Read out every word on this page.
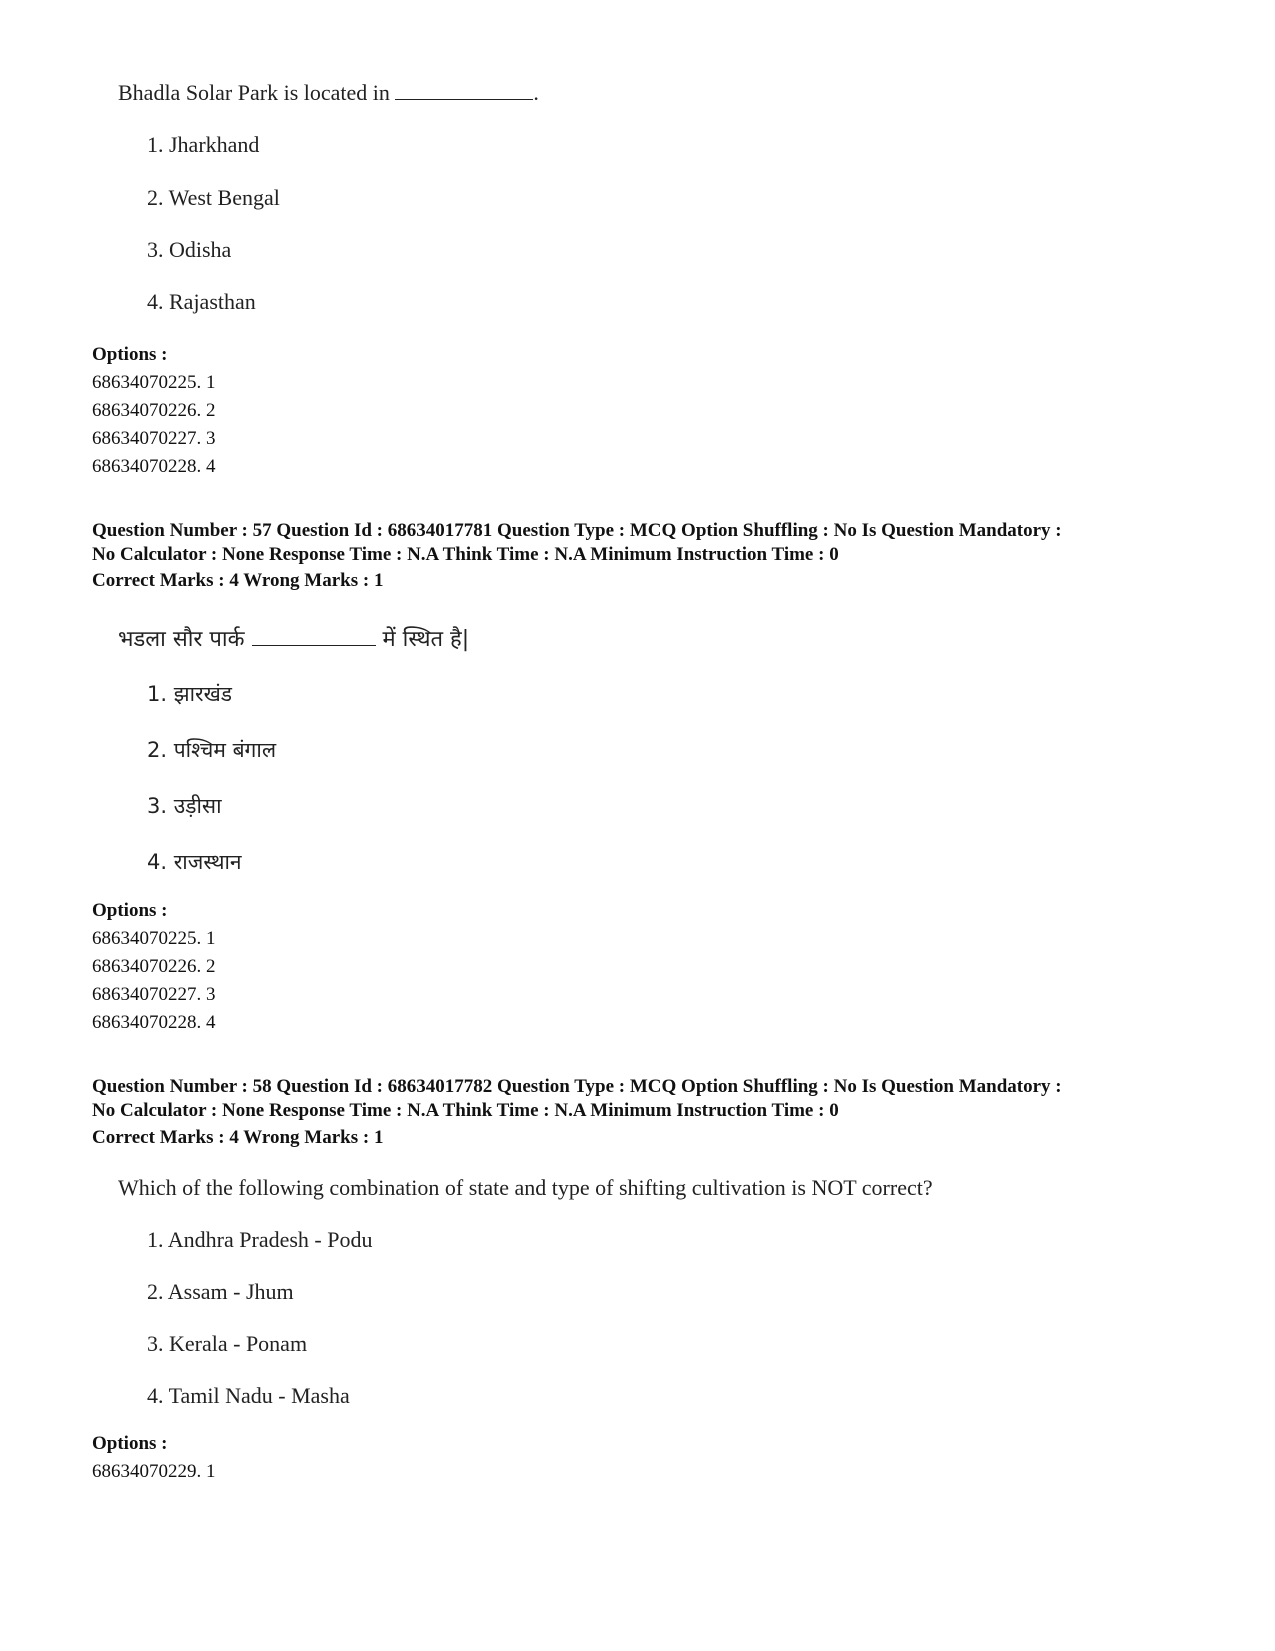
Bhadla Solar Park is located in	.
1. Jharkhand
2. West Bengal
3. Odisha
4. Rajasthan
Options :
68634070225. 1
68634070226. 2
68634070227. 3
68634070228. 4
Question Number : 57 Question Id : 68634017781 Question Type : MCQ Option Shuffling : No Is Question Mandatory :
No Calculator : None Response Time : N.A Think Time : N.A Minimum Instruction Time : 0
Correct Marks : 4 Wrong Marks : 1
भडला सौर पार्क	में स्थित है|
1. झारखंड
2. पश्चिम बंगाल
3. उड़ीसा
4. राजस्थान
Options :
68634070225. 1
68634070226. 2
68634070227. 3
68634070228. 4
Question Number : 58 Question Id : 68634017782 Question Type : MCQ Option Shuffling : No Is Question Mandatory :
No Calculator : None Response Time : N.A Think Time : N.A Minimum Instruction Time : 0
Correct Marks : 4 Wrong Marks : 1
Which of the following combination of state and type of shifting cultivation is NOT correct?
1. Andhra Pradesh - Podu
2. Assam - Jhum
3. Kerala - Ponam
4. Tamil Nadu - Masha
Options :
68634070229. 1
